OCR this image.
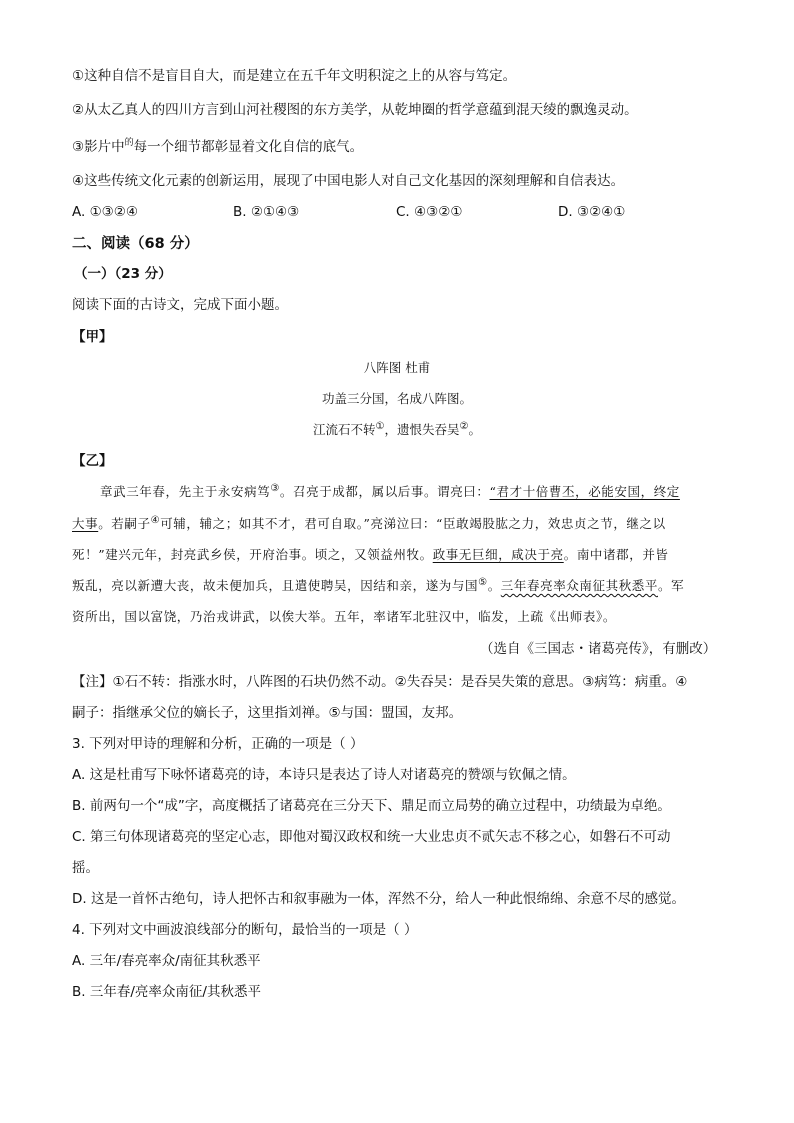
①这种自信不是盲目自大，而是建立在五千年文明积淀之上的从容与笃定。
②从太乙真人的四川方言到山河社稷图的东方美学，从乾坤圈的哲学意蕴到混天绫的飘逸灵动。
③影片中$^的$每一个细节都彰显着文化自信的底气。
④这些传统文化元素的创新运用，展现了中国电影人对自己文化基因的深刻理解和自信表达。
A. ①③②④	B. ②①④③	C. ④③②①	D. ③②④①
二、阅读（68 分）
（一）（23 分）
阅读下面的古诗文，完成下面小题。
【甲】
八阵图 杜甫
功盖三分国，名成八阵图。
江流石不转①，遗恨失吞吴②。
【乙】
章武三年春，先主于永安病笃③。召亮于成都，属以后事。谓亮曰：“君才十倍曹丕，必能安国，终定
大事。若嗣子④可辅，辅之；如其不才，君可自取。”亮涕泣曰：“臣敢竭股肱之力，效忠贞之节，继之以
死！”建兴元年，封亮武乡侯，开府治事。顷之，又领益州牧。政事无巨细，咸决于亮。南中诸郡，并皆
叛乱，亮以新遭大丧，故未便加兵，且遣使聘吴，因结和亲，遂为与国⑤。三年春亮率众南征其秋悉平。军
资所出，国以富饶，乃治戎讲武，以俟大举。五年，率诸军北驻汉中，临发，上疏《出师表》。
（选自《三国志・诸葛亮传》，有删改）
【注】①石不转：指涨水时，八阵图的石块仍然不动。②失吞吴：是吞吴失策的意思。③病笃：病重。④
嗣子：指继承父位的嫡长子，这里指刘禅。⑤与国：盟国，友邦。
3. 下列对甲诗的理解和分析，正确的一项是（ ）
A. 这是杜甫写下咏怀诸葛亮的诗，本诗只是表达了诗人对诸葛亮的赞颂与钦佩之情。
B. 前两句一个“成”字，高度概括了诸葛亮在三分天下、鼎足而立局势的确立过程中，功绩最为卓绝。
C. 第三句体现诸葛亮的坚定心志，即他对蜀汉政权和统一大业忠贞不贰矢志不移之心，如磐石不可动
摇。
D. 这是一首怀古绝句，诗人把怀古和叙事融为一体，浑然不分，给人一种此恨绵绵、余意不尽的感觉。
4. 下列对文中画波浪线部分的断句，最恰当的一项是（ ）
A. 三年/春亮率众/南征其秋悉平
B. 三年春/亮率众南征/其秋悉平
